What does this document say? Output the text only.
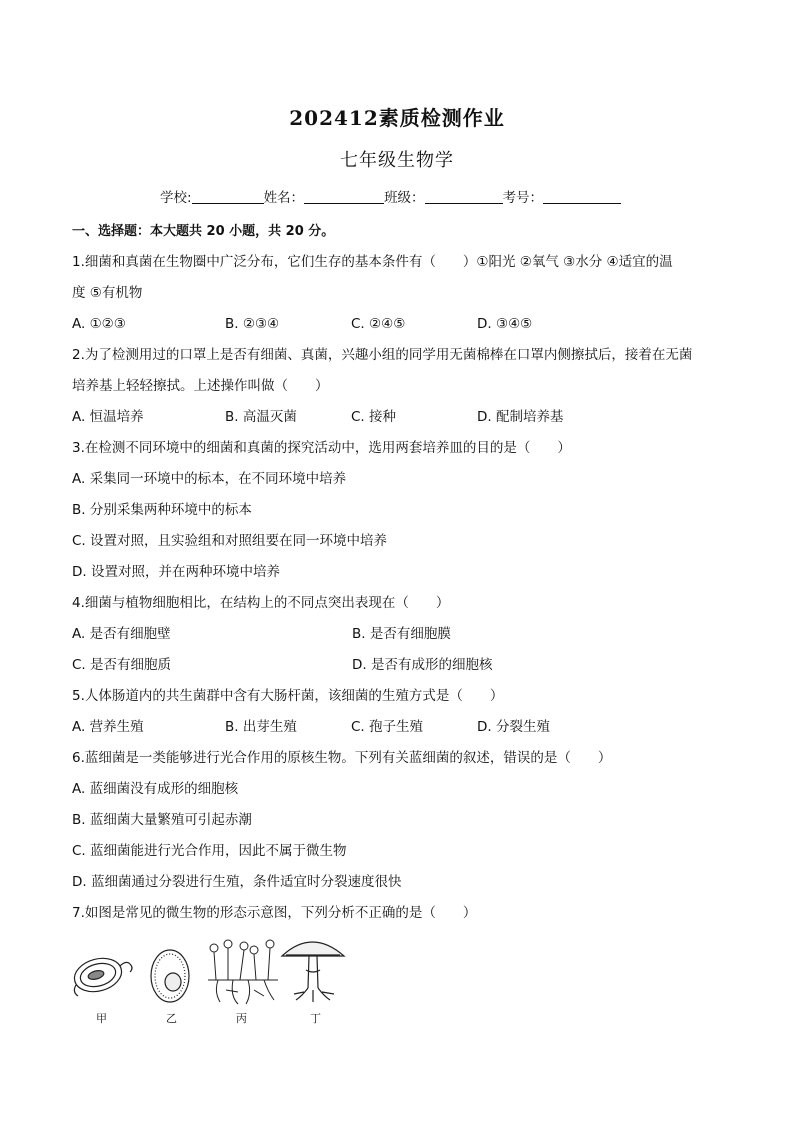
202412素质检测作业
七年级生物学
学校:	姓名：	班级：	考号：
一、选择题：本大题共 20 小题，共 20 分。
1.细菌和真菌在生物圈中广泛分布，它们生存的基本条件有（　　）①阳光 ②氧气 ③水分 ④适宜的温
度 ⑤有机物
A. ①②③	B. ②③④	C. ②④⑤	D. ③④⑤
2.为了检测用过的口罩上是否有细菌、真菌，兴趣小组的同学用无菌棉棒在口罩内侧擦拭后，接着在无菌
培养基上轻轻擦拭。上述操作叫做（　　）
A. 恒温培养	B. 高温灭菌	C. 接种	D. 配制培养基
3.在检测不同环境中的细菌和真菌的探究活动中，选用两套培养皿的目的是（　　）
A. 采集同一环境中的标本，在不同环境中培养
B. 分别采集两种环境中的标本
C. 设置对照，且实验组和对照组要在同一环境中培养
D. 设置对照，并在两种环境中培养
4.细菌与植物细胞相比，在结构上的不同点突出表现在（　　）
A. 是否有细胞壁	B. 是否有细胞膜
C. 是否有细胞质	D. 是否有成形的细胞核
5.人体肠道内的共生菌群中含有大肠杆菌，该细菌的生殖方式是（　　）
A. 营养生殖	B. 出芽生殖	C. 孢子生殖	D. 分裂生殖
6.蓝细菌是一类能够进行光合作用的原核生物。下列有关蓝细菌的叙述，错误的是（　　）
A. 蓝细菌没有成形的细胞核
B. 蓝细菌大量繁殖可引起赤潮
C. 蓝细菌能进行光合作用，因此不属于微生物
D. 蓝细菌通过分裂进行生殖，条件适宜时分裂速度很快
7.如图是常见的微生物的形态示意图，下列分析不正确的是（　　）
甲	乙	丙	丁
